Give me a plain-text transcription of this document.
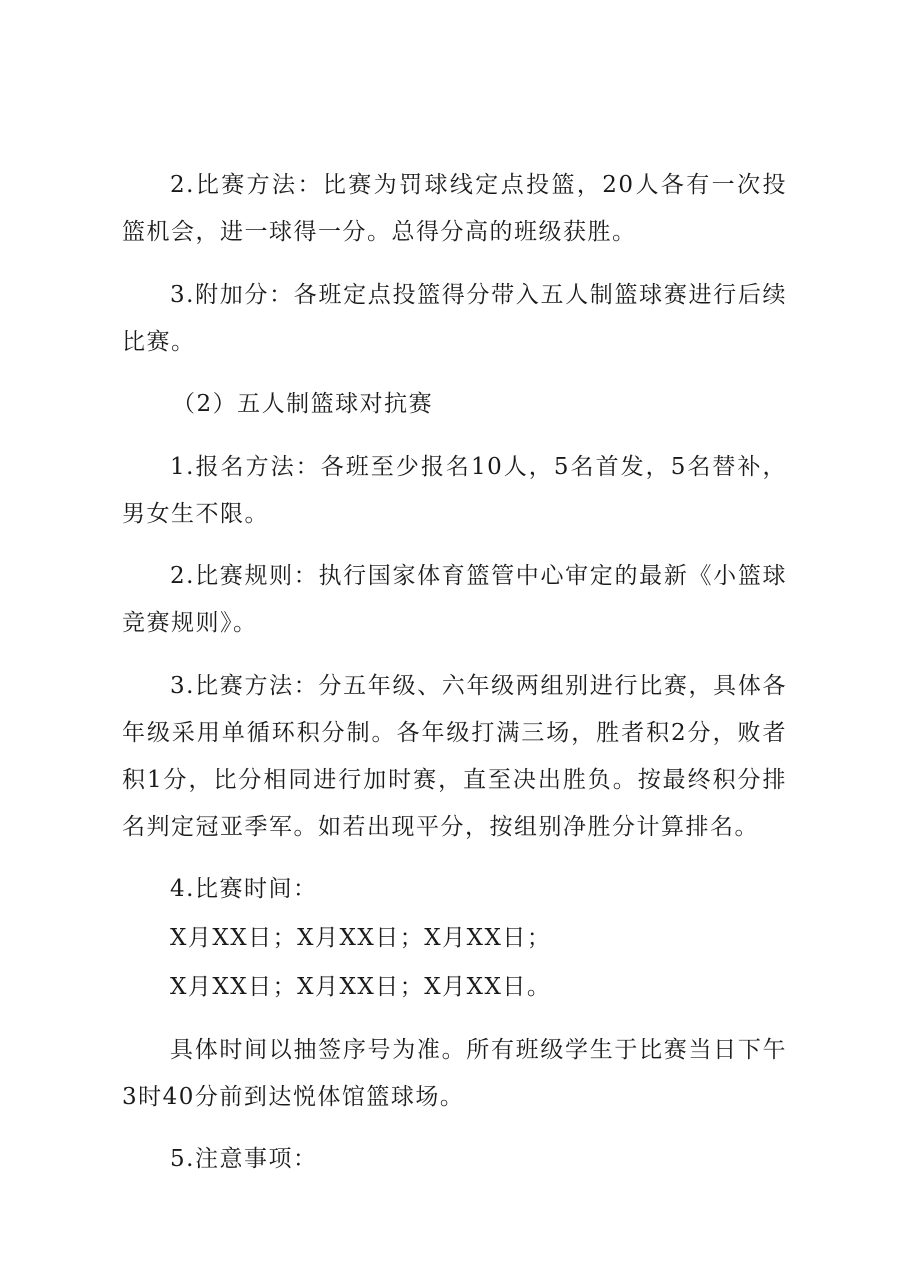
2.比赛方法：比赛为罚球线定点投篮，20人各有一次投篮机会，进一球得一分。总得分高的班级获胜。

3.附加分：各班定点投篮得分带入五人制篮球赛进行后续比赛。

（2）五人制篮球对抗赛

1.报名方法：各班至少报名10人，5名首发，5名替补，男女生不限。

2.比赛规则：执行国家体育篮管中心审定的最新《小篮球竞赛规则》。

3.比赛方法：分五年级、六年级两组别进行比赛，具体各年级采用单循环积分制。各年级打满三场，胜者积2分，败者积1分，比分相同进行加时赛，直至决出胜负。按最终积分排名判定冠亚季军。如若出现平分，按组别净胜分计算排名。

4.比赛时间：

X月XX日；X月XX日；X月XX日；

X月XX日；X月XX日；X月XX日。

具体时间以抽签序号为准。所有班级学生于比赛当日下午3时40分前到达悦体馆篮球场。

5.注意事项：
